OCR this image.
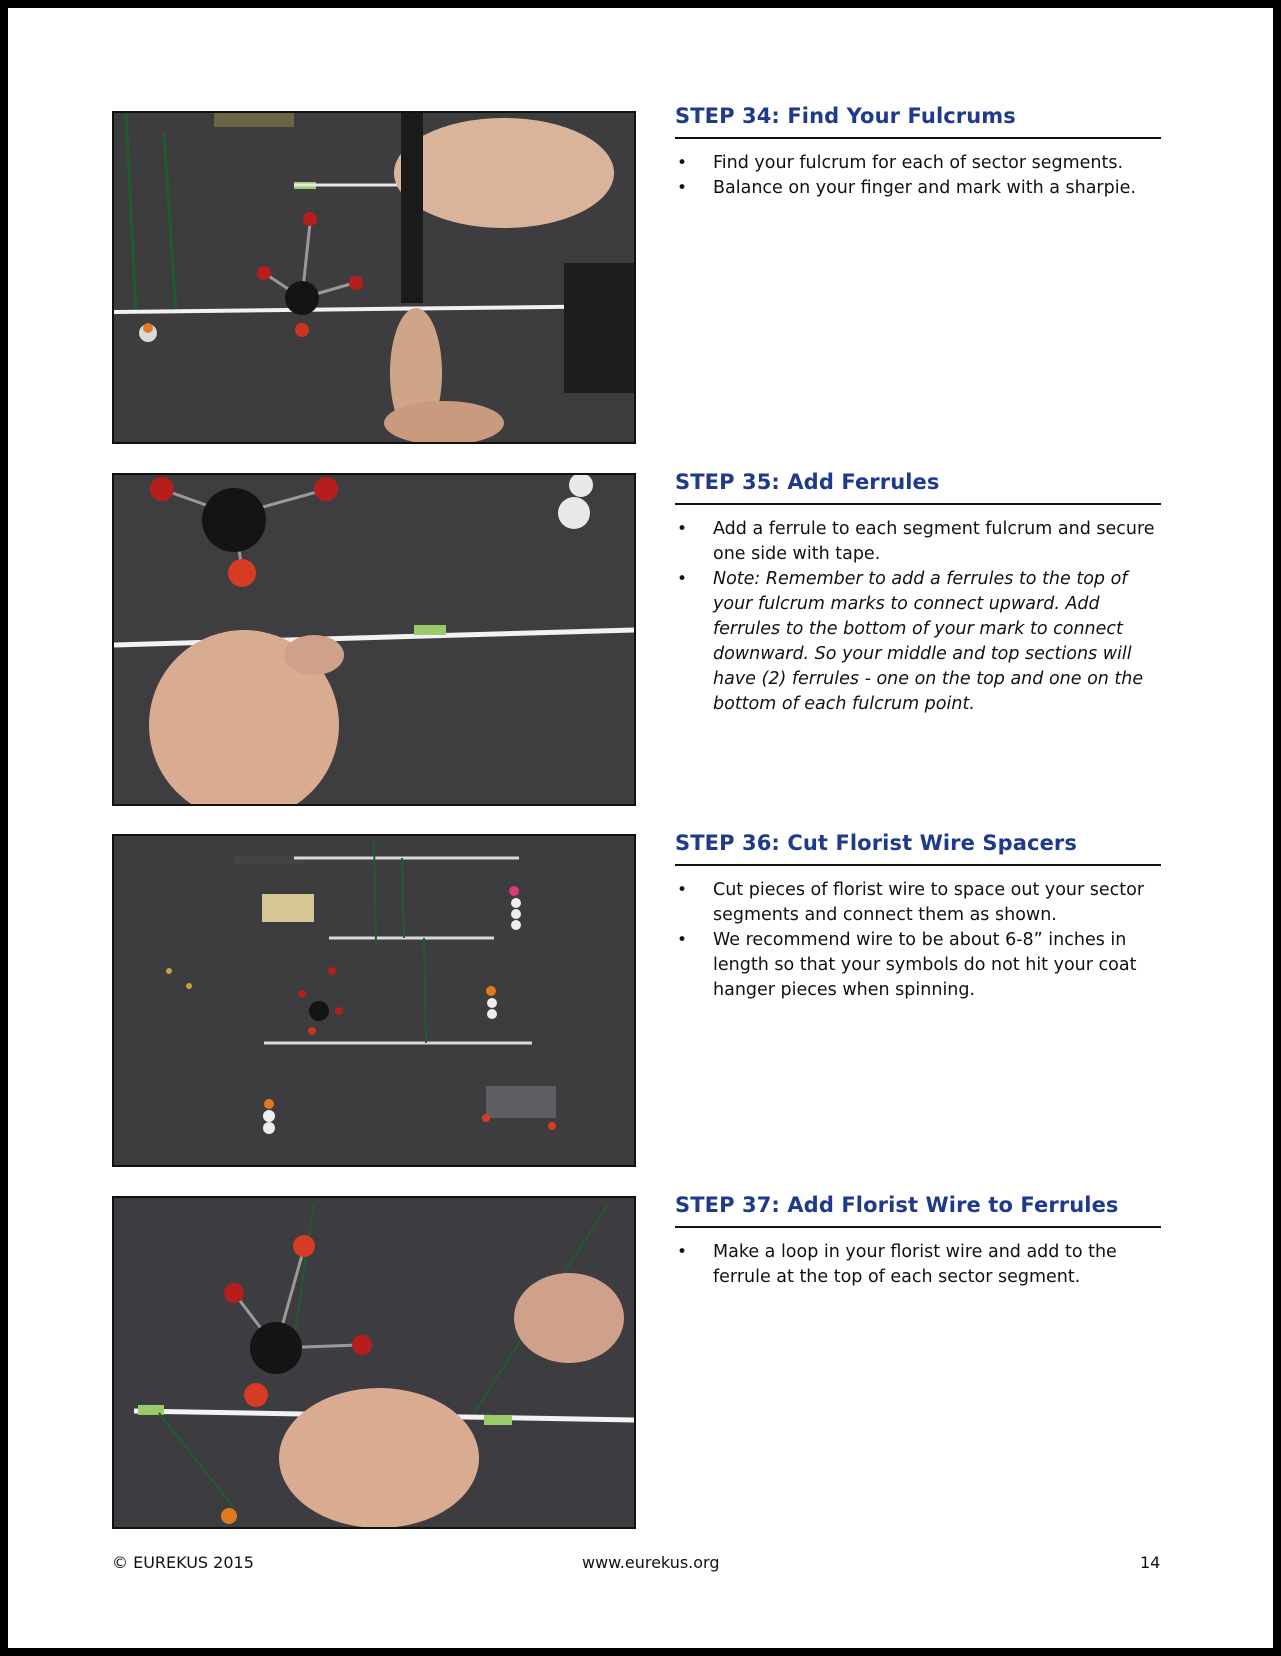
STEP 34: Find Your Fulcrums
• Find your fulcrum for each of sector segments.
• Balance on your finger and mark with a sharpie.
STEP 35: Add Ferrules
• Add a ferrule to each segment fulcrum and secure one side with tape.
• Note: Remember to add a ferrules to the top of your fulcrum marks to connect upward. Add ferrules to the bottom of your mark to connect downward. So your middle and top sections will have (2) ferrules - one on the top and one on the bottom of each fulcrum point.
STEP 36: Cut Florist Wire Spacers
• Cut pieces of florist wire to space out your sector segments and connect them as shown.
• We recommend wire to be about 6-8” inches in length so that your symbols do not hit your coat hanger pieces when spinning.
STEP 37: Add Florist Wire to Ferrules
• Make a loop in your florist wire and add to the ferrule at the top of each sector segment.
© EUREKUS 2015	www.eurekus.org	14
